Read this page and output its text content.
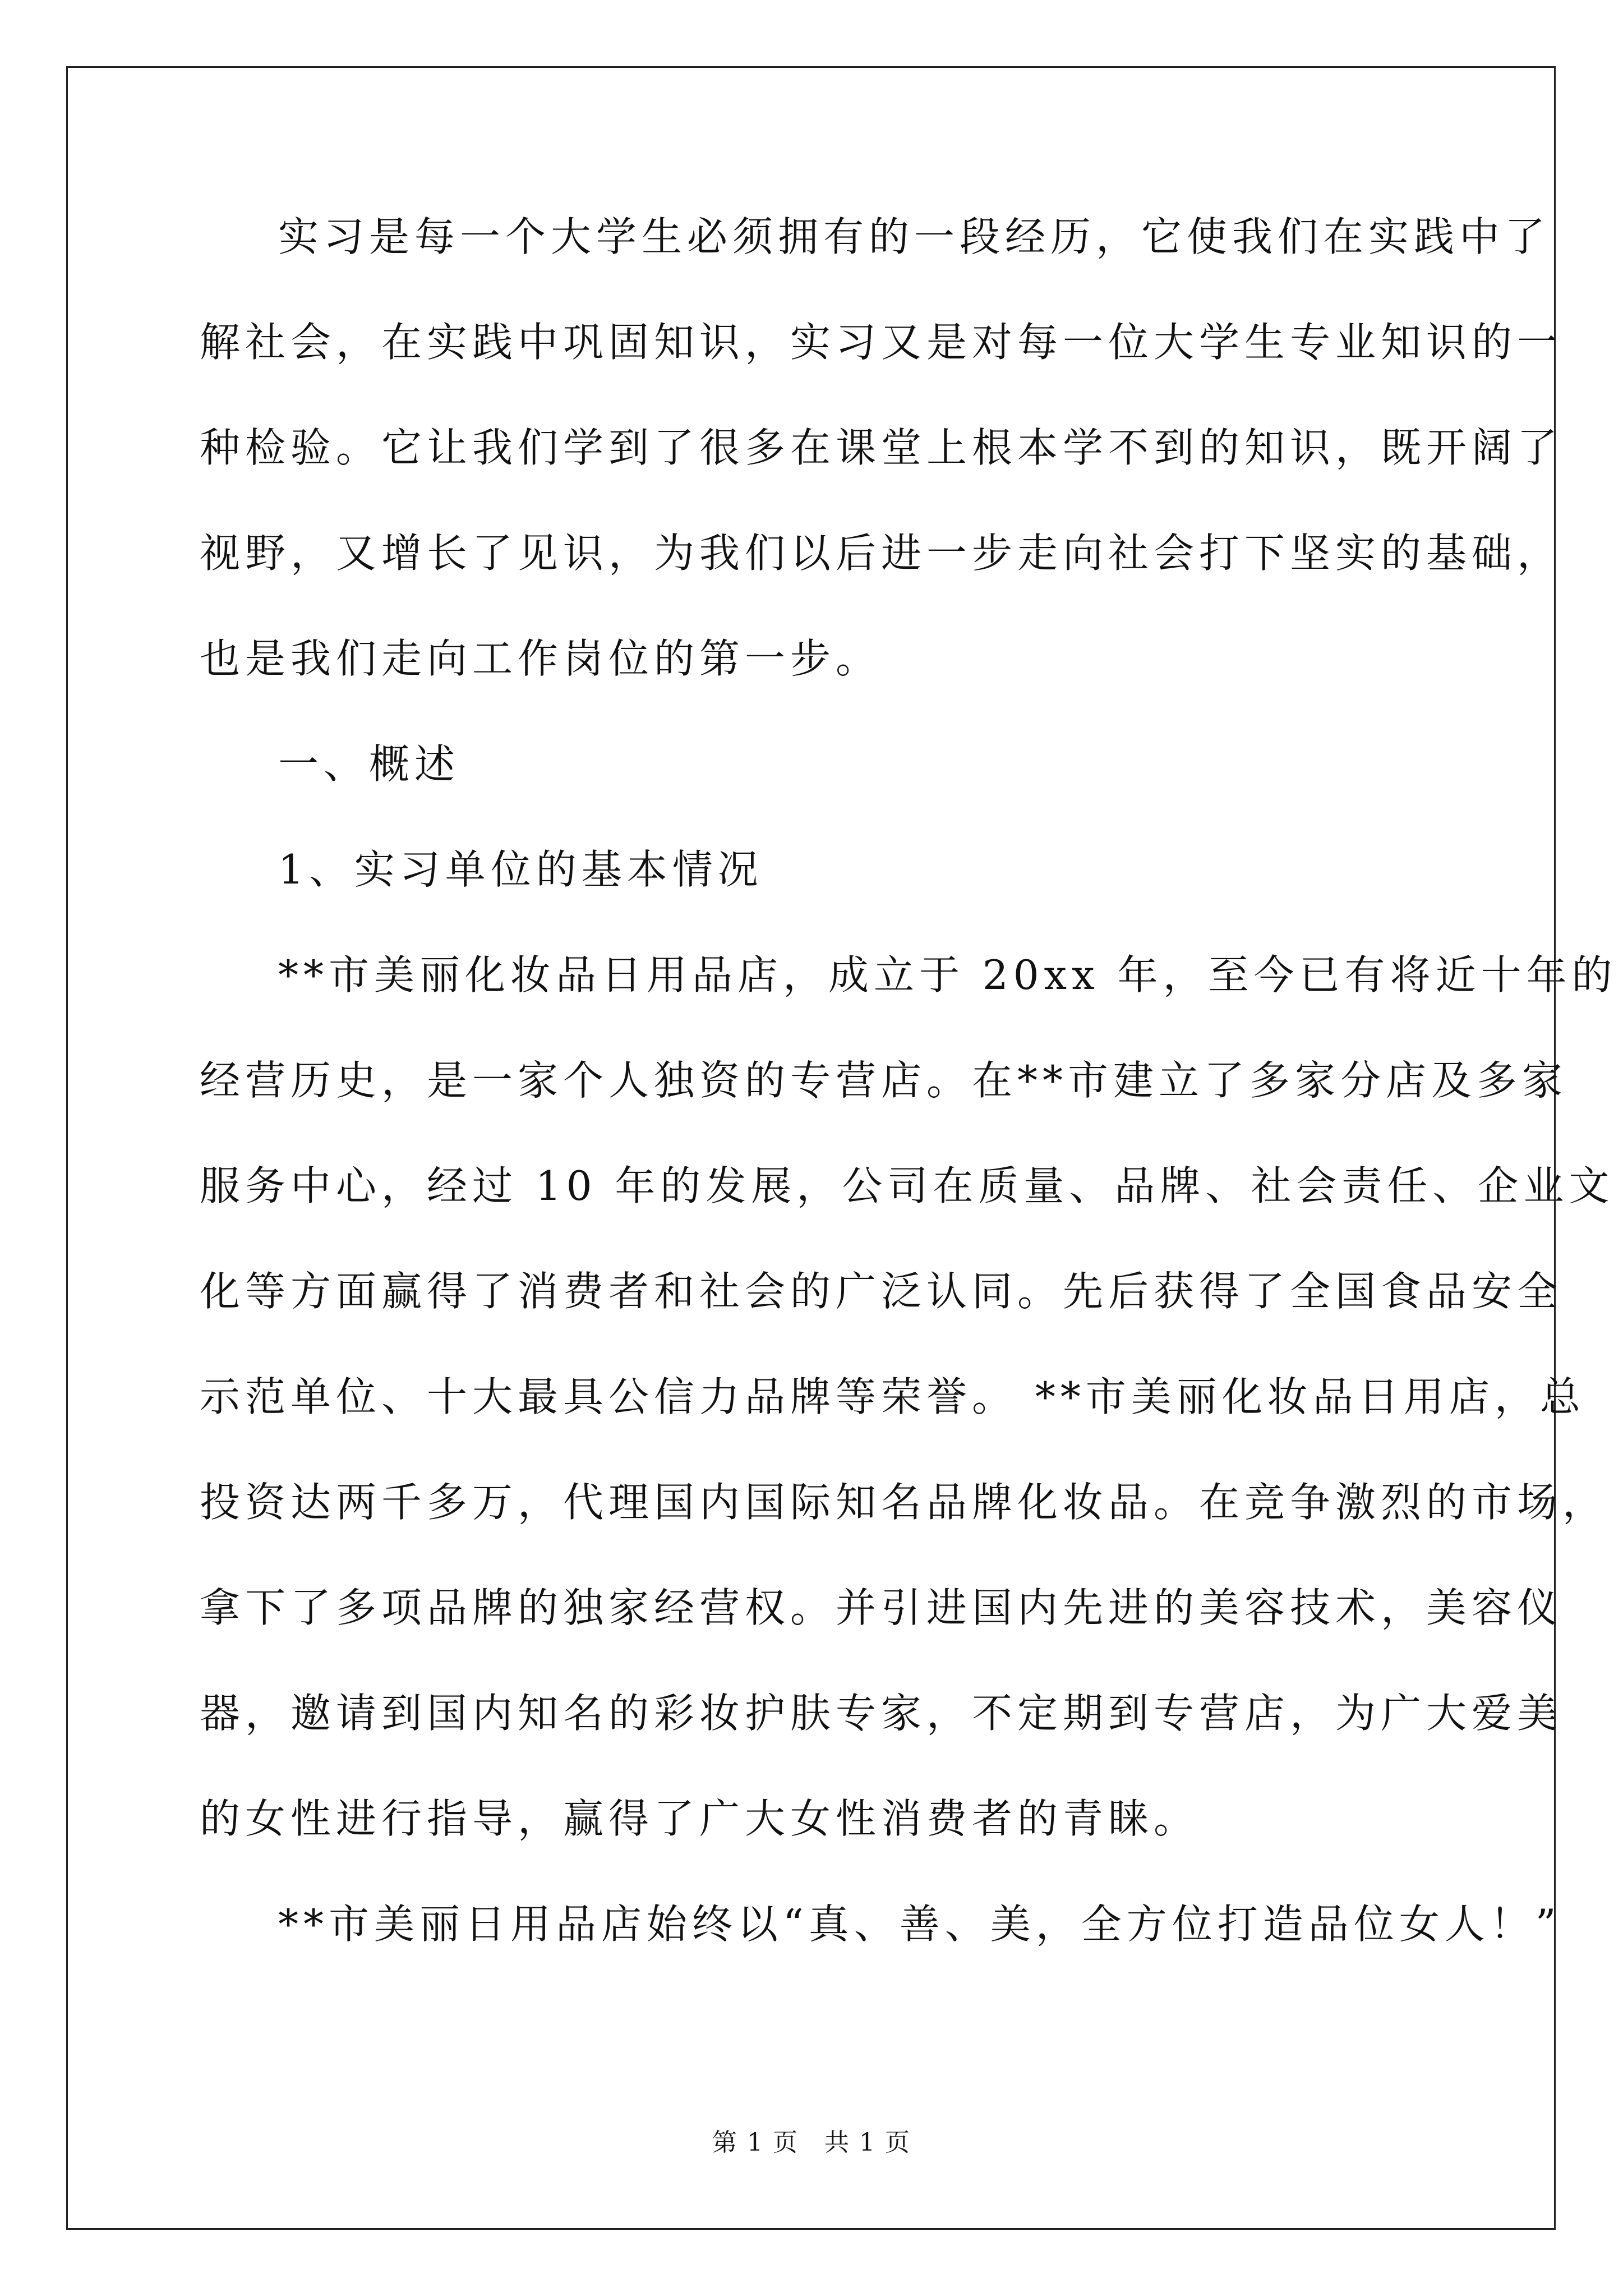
实习是每一个大学生必须拥有的一段经历，它使我们在实践中了
解社会，在实践中巩固知识，实习又是对每一位大学生专业知识的一
种检验。它让我们学到了很多在课堂上根本学不到的知识，既开阔了
视野，又增长了见识，为我们以后进一步走向社会打下坚实的基础，
也是我们走向工作岗位的第一步。
一、概述
1、实习单位的基本情况
**市美丽化妆品日用品店，成立于 20xx 年，至今已有将近十年的
经营历史，是一家个人独资的专营店。在**市建立了多家分店及多家
服务中心，经过 10 年的发展，公司在质量、品牌、社会责任、企业文
化等方面赢得了消费者和社会的广泛认同。先后获得了全国食品安全
示范单位、十大最具公信力品牌等荣誉。 **市美丽化妆品日用店，总
投资达两千多万，代理国内国际知名品牌化妆品。在竞争激烈的市场，
拿下了多项品牌的独家经营权。并引进国内先进的美容技术，美容仪
器，邀请到国内知名的彩妆护肤专家，不定期到专营店，为广大爱美
的女性进行指导，赢得了广大女性消费者的青睐。
**市美丽日用品店始终以“真、善、美，全方位打造品位女人！”
第 1 页　共 1 页
